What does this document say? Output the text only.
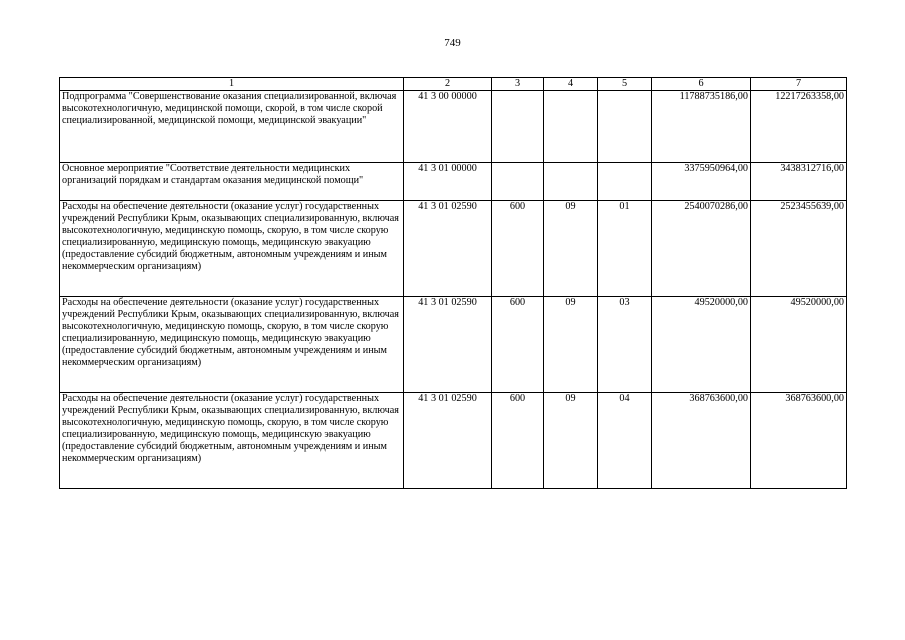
749
1	2	3	4	5	6	7
Подпрограмма "Совершенствование оказания специализированной, включая высокотехнологичную, медицинской помощи, скорой, в том числе скорой специализированной, медицинской помощи, медицинской эвакуации"	41 3 00 00000				11788735186,00	12217263358,00
Основное мероприятие "Соответствие деятельности медицинских организаций порядкам и стандартам оказания медицинской помощи"	41 3 01 00000				3375950964,00	3438312716,00
Расходы на обеспечение деятельности (оказание услуг) государственных учреждений Республики Крым, оказывающих специализированную, включая высокотехнологичную, медицинскую помощь, скорую, в том числе скорую специализированную, медицинскую помощь, медицинскую эвакуацию (предоставление субсидий бюджетным, автономным учреждениям и иным некоммерческим организациям)	41 3 01 02590	600	09	01	2540070286,00	2523455639,00
Расходы на обеспечение деятельности (оказание услуг) государственных учреждений Республики Крым, оказывающих специализированную, включая высокотехнологичную, медицинскую помощь, скорую, в том числе скорую специализированную, медицинскую помощь, медицинскую эвакуацию (предоставление субсидий бюджетным, автономным учреждениям и иным некоммерческим организациям)	41 3 01 02590	600	09	03	49520000,00	49520000,00
Расходы на обеспечение деятельности (оказание услуг) государственных учреждений Республики Крым, оказывающих специализированную, включая высокотехнологичную, медицинскую помощь, скорую, в том числе скорую специализированную, медицинскую помощь, медицинскую эвакуацию (предоставление субсидий бюджетным, автономным учреждениям и иным некоммерческим организациям)	41 3 01 02590	600	09	04	368763600,00	368763600,00
